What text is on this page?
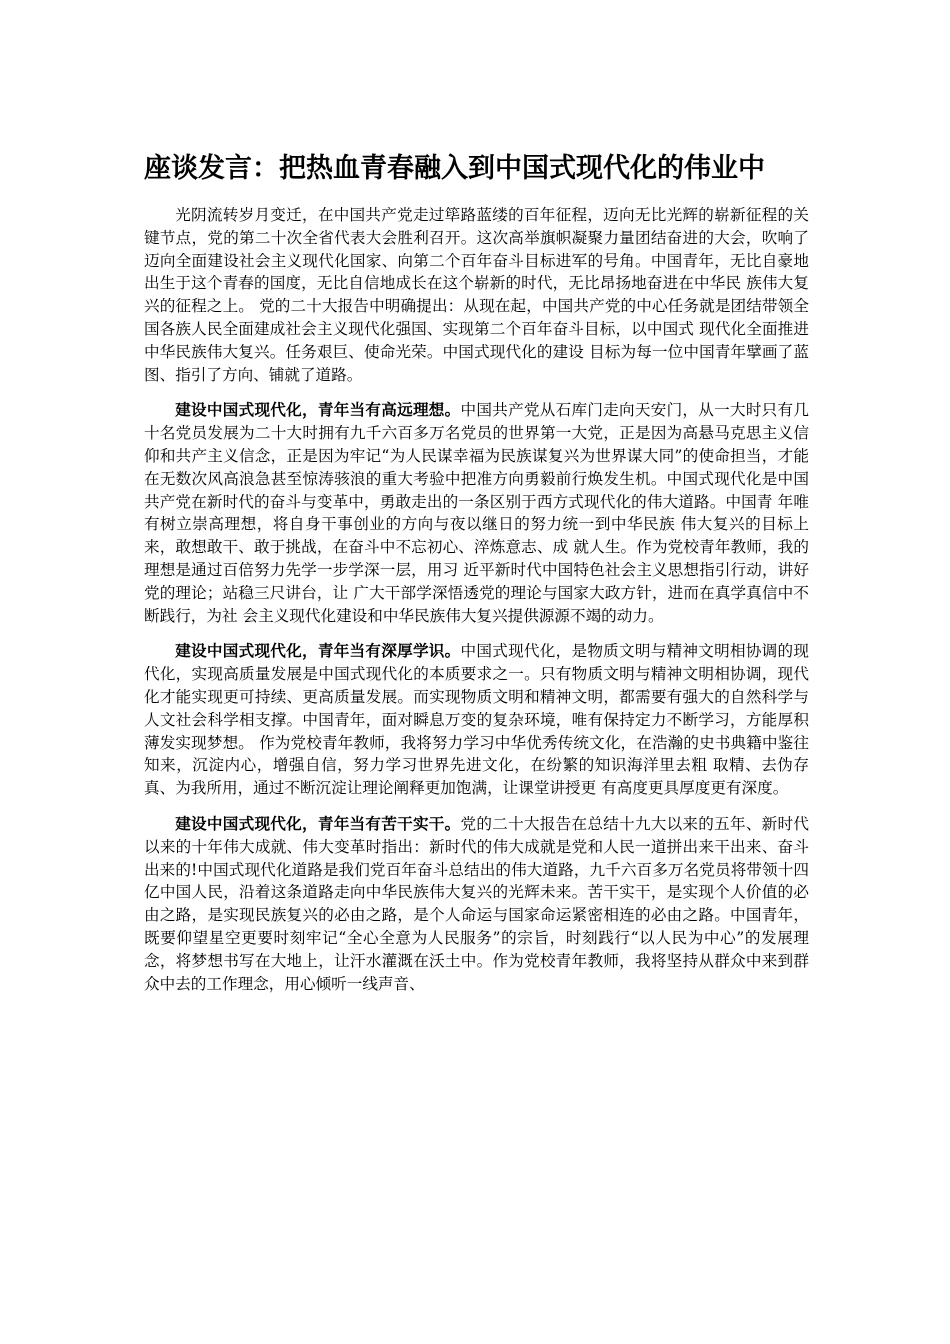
座谈发言：把热血青春融入到中国式现代化的伟业中

光阴流转岁月变迁，在中国共产党走过筚路蓝缕的百年征程，迈向无比光辉的崭新征程的关键节点，党的第二十次全省代表大会胜利召开。这次高举旗帜凝聚力量团结奋进的大会，吹响了迈向全面建设社会主义现代化国家、向第二个百年奋斗目标进军的号角。中国青年，无比自豪地出生于这个青春的国度，无比自信地成长在这个崭新的时代，无比昂扬地奋进在中华民 族伟大复兴的征程之上。 党的二十大报告中明确提出：从现在起，中国共产党的中心任务就是团结带领全 国各族人民全面建成社会主义现代化强国、实现第二个百年奋斗目标，以中国式 现代化全面推进中华民族伟大复兴。任务艰巨、使命光荣。中国式现代化的建设 目标为每一位中国青年擘画了蓝图、指引了方向、铺就了道路。

建设中国式现代化，青年当有高远理想。中国共产党从石库门走向天安门，从一大时只有几十名党员发展为二十大时拥有九千六百多万名党员的世界第一大党，正是因为高悬马克思主义信仰和共产主义信念，正是因为牢记“为人民谋幸福为民族谋复兴为世界谋大同”的使命担当，才能在无数次风高浪急甚至惊涛骇浪的重大考验中把准方向勇毅前行焕发生机。中国式现代化是中国共产党在新时代的奋斗与变革中，勇敢走出的一条区别于西方式现代化的伟大道路。中国青 年唯有树立崇高理想，将自身干事创业的方向与夜以继日的努力统一到中华民族 伟大复兴的目标上来，敢想敢干、敢于挑战，在奋斗中不忘初心、淬炼意志、成 就人生。作为党校青年教师，我的理想是通过百倍努力先学一步学深一层，用习 近平新时代中国特色社会主义思想指引行动，讲好党的理论；站稳三尺讲台，让 广大干部学深悟透党的理论与国家大政方针，进而在真学真信中不断践行，为社 会主义现代化建设和中华民族伟大复兴提供源源不竭的动力。

建设中国式现代化，青年当有深厚学识。中国式现代化，是物质文明与精神文明相协调的现代化，实现高质量发展是中国式现代化的本质要求之一。只有物质文明与精神文明相协调，现代化才能实现更可持续、更高质量发展。而实现物质文明和精神文明，都需要有强大的自然科学与人文社会科学相支撑。中国青年，面对瞬息万变的复杂环境，唯有保持定力不断学习，方能厚积薄发实现梦想。 作为党校青年教师，我将努力学习中华优秀传统文化，在浩瀚的史书典籍中鉴往 知来，沉淀内心，增强自信，努力学习世界先进文化，在纷繁的知识海洋里去粗 取精、去伪存真、为我所用，通过不断沉淀让理论阐释更加饱满，让课堂讲授更 有高度更具厚度更有深度。

建设中国式现代化，青年当有苦干实干。党的二十大报告在总结十九大以来的五年、新时代以来的十年伟大成就、伟大变革时指出：新时代的伟大成就是党和人民一道拼出来干出来、奋斗出来的!中国式现代化道路是我们党百年奋斗总结出的伟大道路，九千六百多万名党员将带领十四亿中国人民，沿着这条道路走向中华民族伟大复兴的光辉未来。苦干实干，是实现个人价值的必由之路，是实现民族复兴的必由之路，是个人命运与国家命运紧密相连的必由之路。中国青年，既要仰望星空更要时刻牢记“全心全意为人民服务”的宗旨，时刻践行“以人民为中心”的发展理念，将梦想书写在大地上，让汗水灌溉在沃土中。作为党校青年教师，我将坚持从群众中来到群众中去的工作理念，用心倾听一线声音、
